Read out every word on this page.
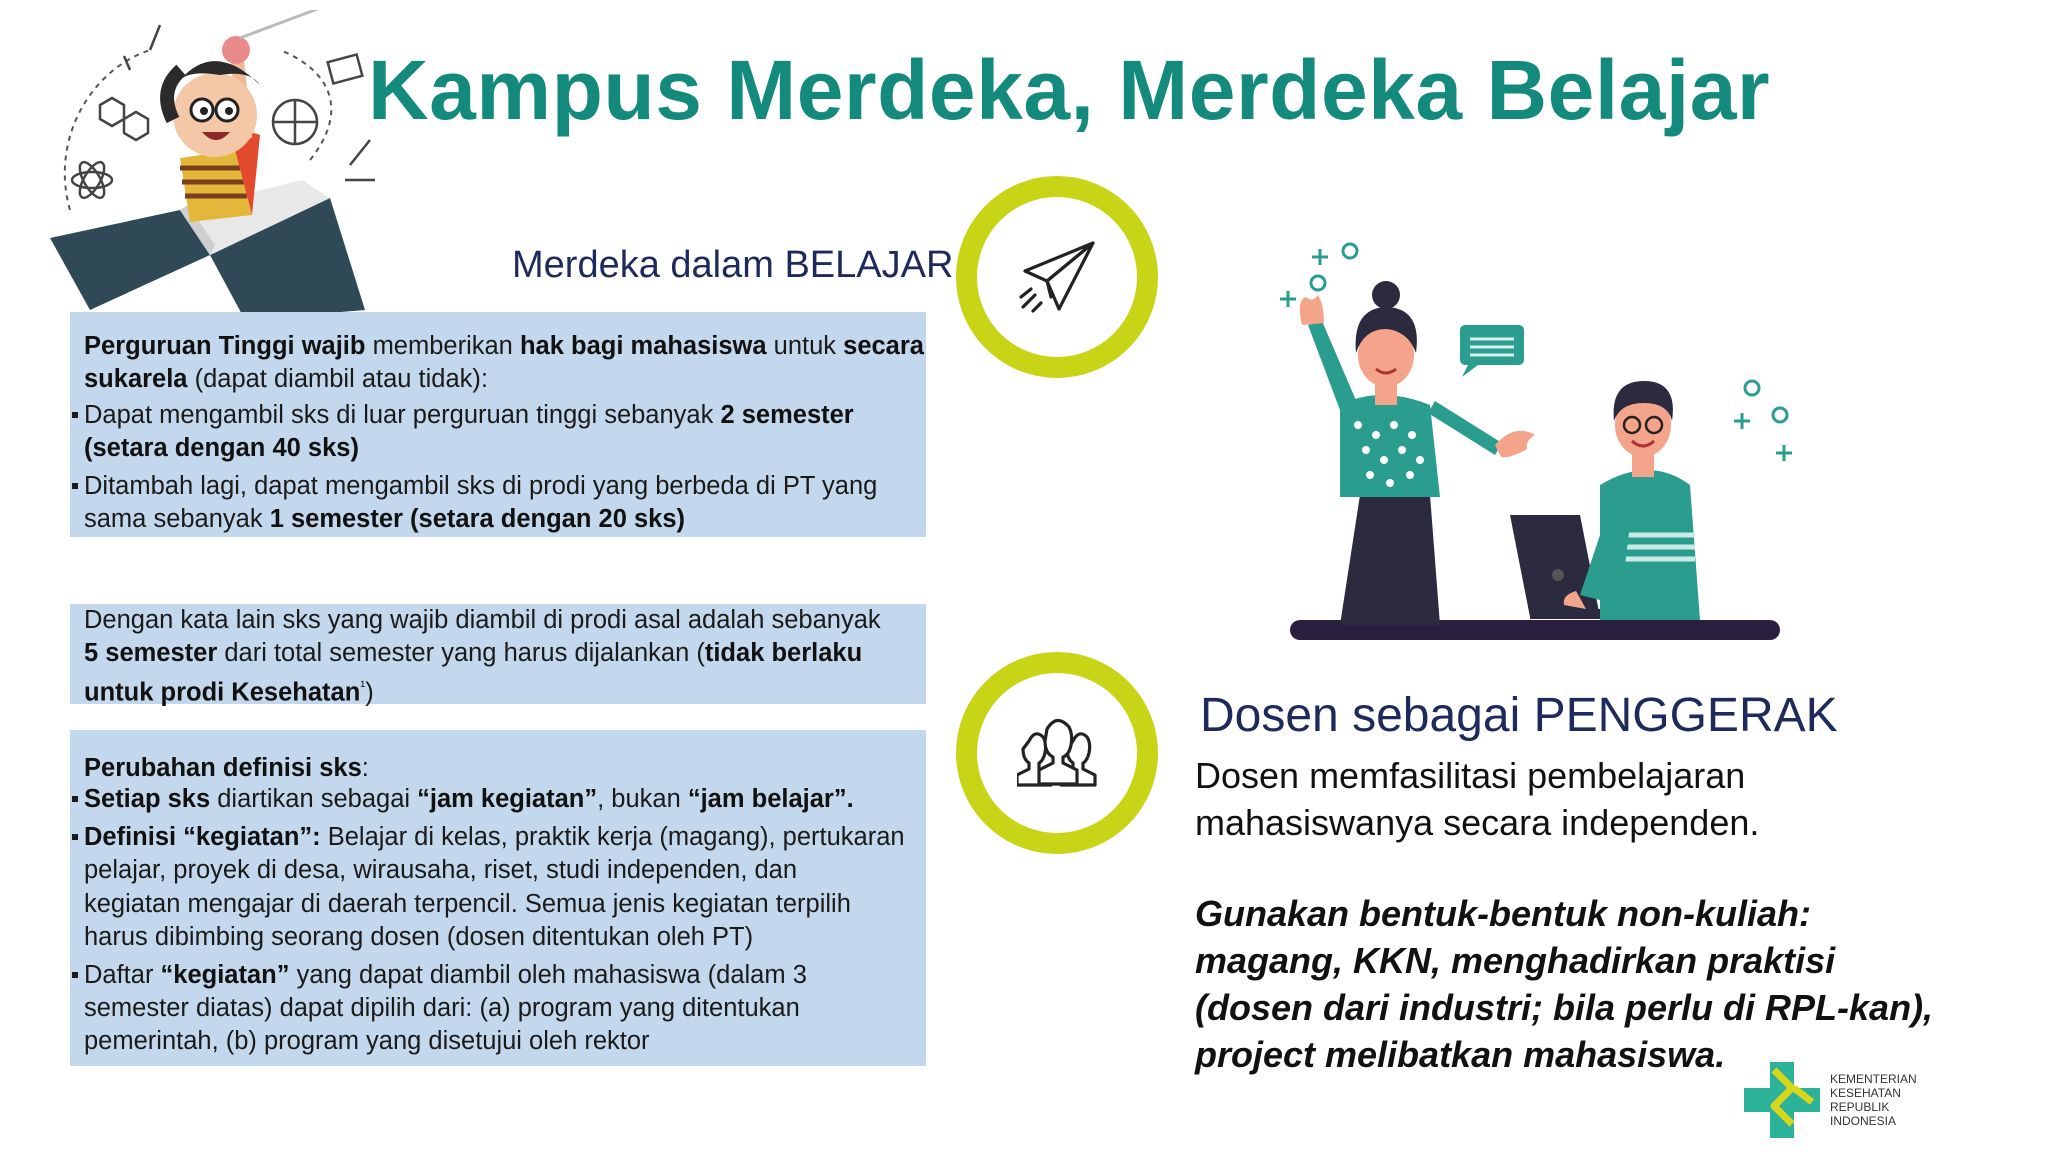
Kampus Merdeka, Merdeka Belajar
Merdeka dalam BELAJAR
Perguruan Tinggi wajib memberikan hak bagi mahasiswa untuk secara
sukarela (dapat diambil atau tidak):
Dapat mengambil sks di luar perguruan tinggi sebanyak 2 semester
(setara dengan 40 sks)
Ditambah lagi, dapat mengambil sks di prodi yang berbeda di PT yang
sama sebanyak 1 semester (setara dengan 20 sks)
Dengan kata lain sks yang wajib diambil di prodi asal adalah sebanyak
5 semester dari total semester yang harus dijalankan (tidak berlaku
untuk prodi Kesehatan$^{^1}$)
Perubahan definisi sks:
Setiap sks diartikan sebagai “jam kegiatan”, bukan “jam belajar”.
Definisi “kegiatan”: Belajar di kelas, praktik kerja (magang), pertukaran
pelajar, proyek di desa, wirausaha, riset, studi independen, dan
kegiatan mengajar di daerah terpencil. Semua jenis kegiatan terpilih
harus dibimbing seorang dosen (dosen ditentukan oleh PT)
Daftar “kegiatan” yang dapat diambil oleh mahasiswa (dalam 3
semester diatas) dapat dipilih dari: (a) program yang ditentukan
pemerintah, (b) program yang disetujui oleh rektor
Dosen sebagai PENGGERAK
Dosen memfasilitasi pembelajaran
mahasiswanya secara independen.
Gunakan bentuk-bentuk non-kuliah:
magang, KKN, menghadirkan praktisi
(dosen dari industri; bila perlu di RPL-kan),
project melibatkan mahasiswa.
KEMENTERIAN
KESEHATAN
REPUBLIK
INDONESIA
